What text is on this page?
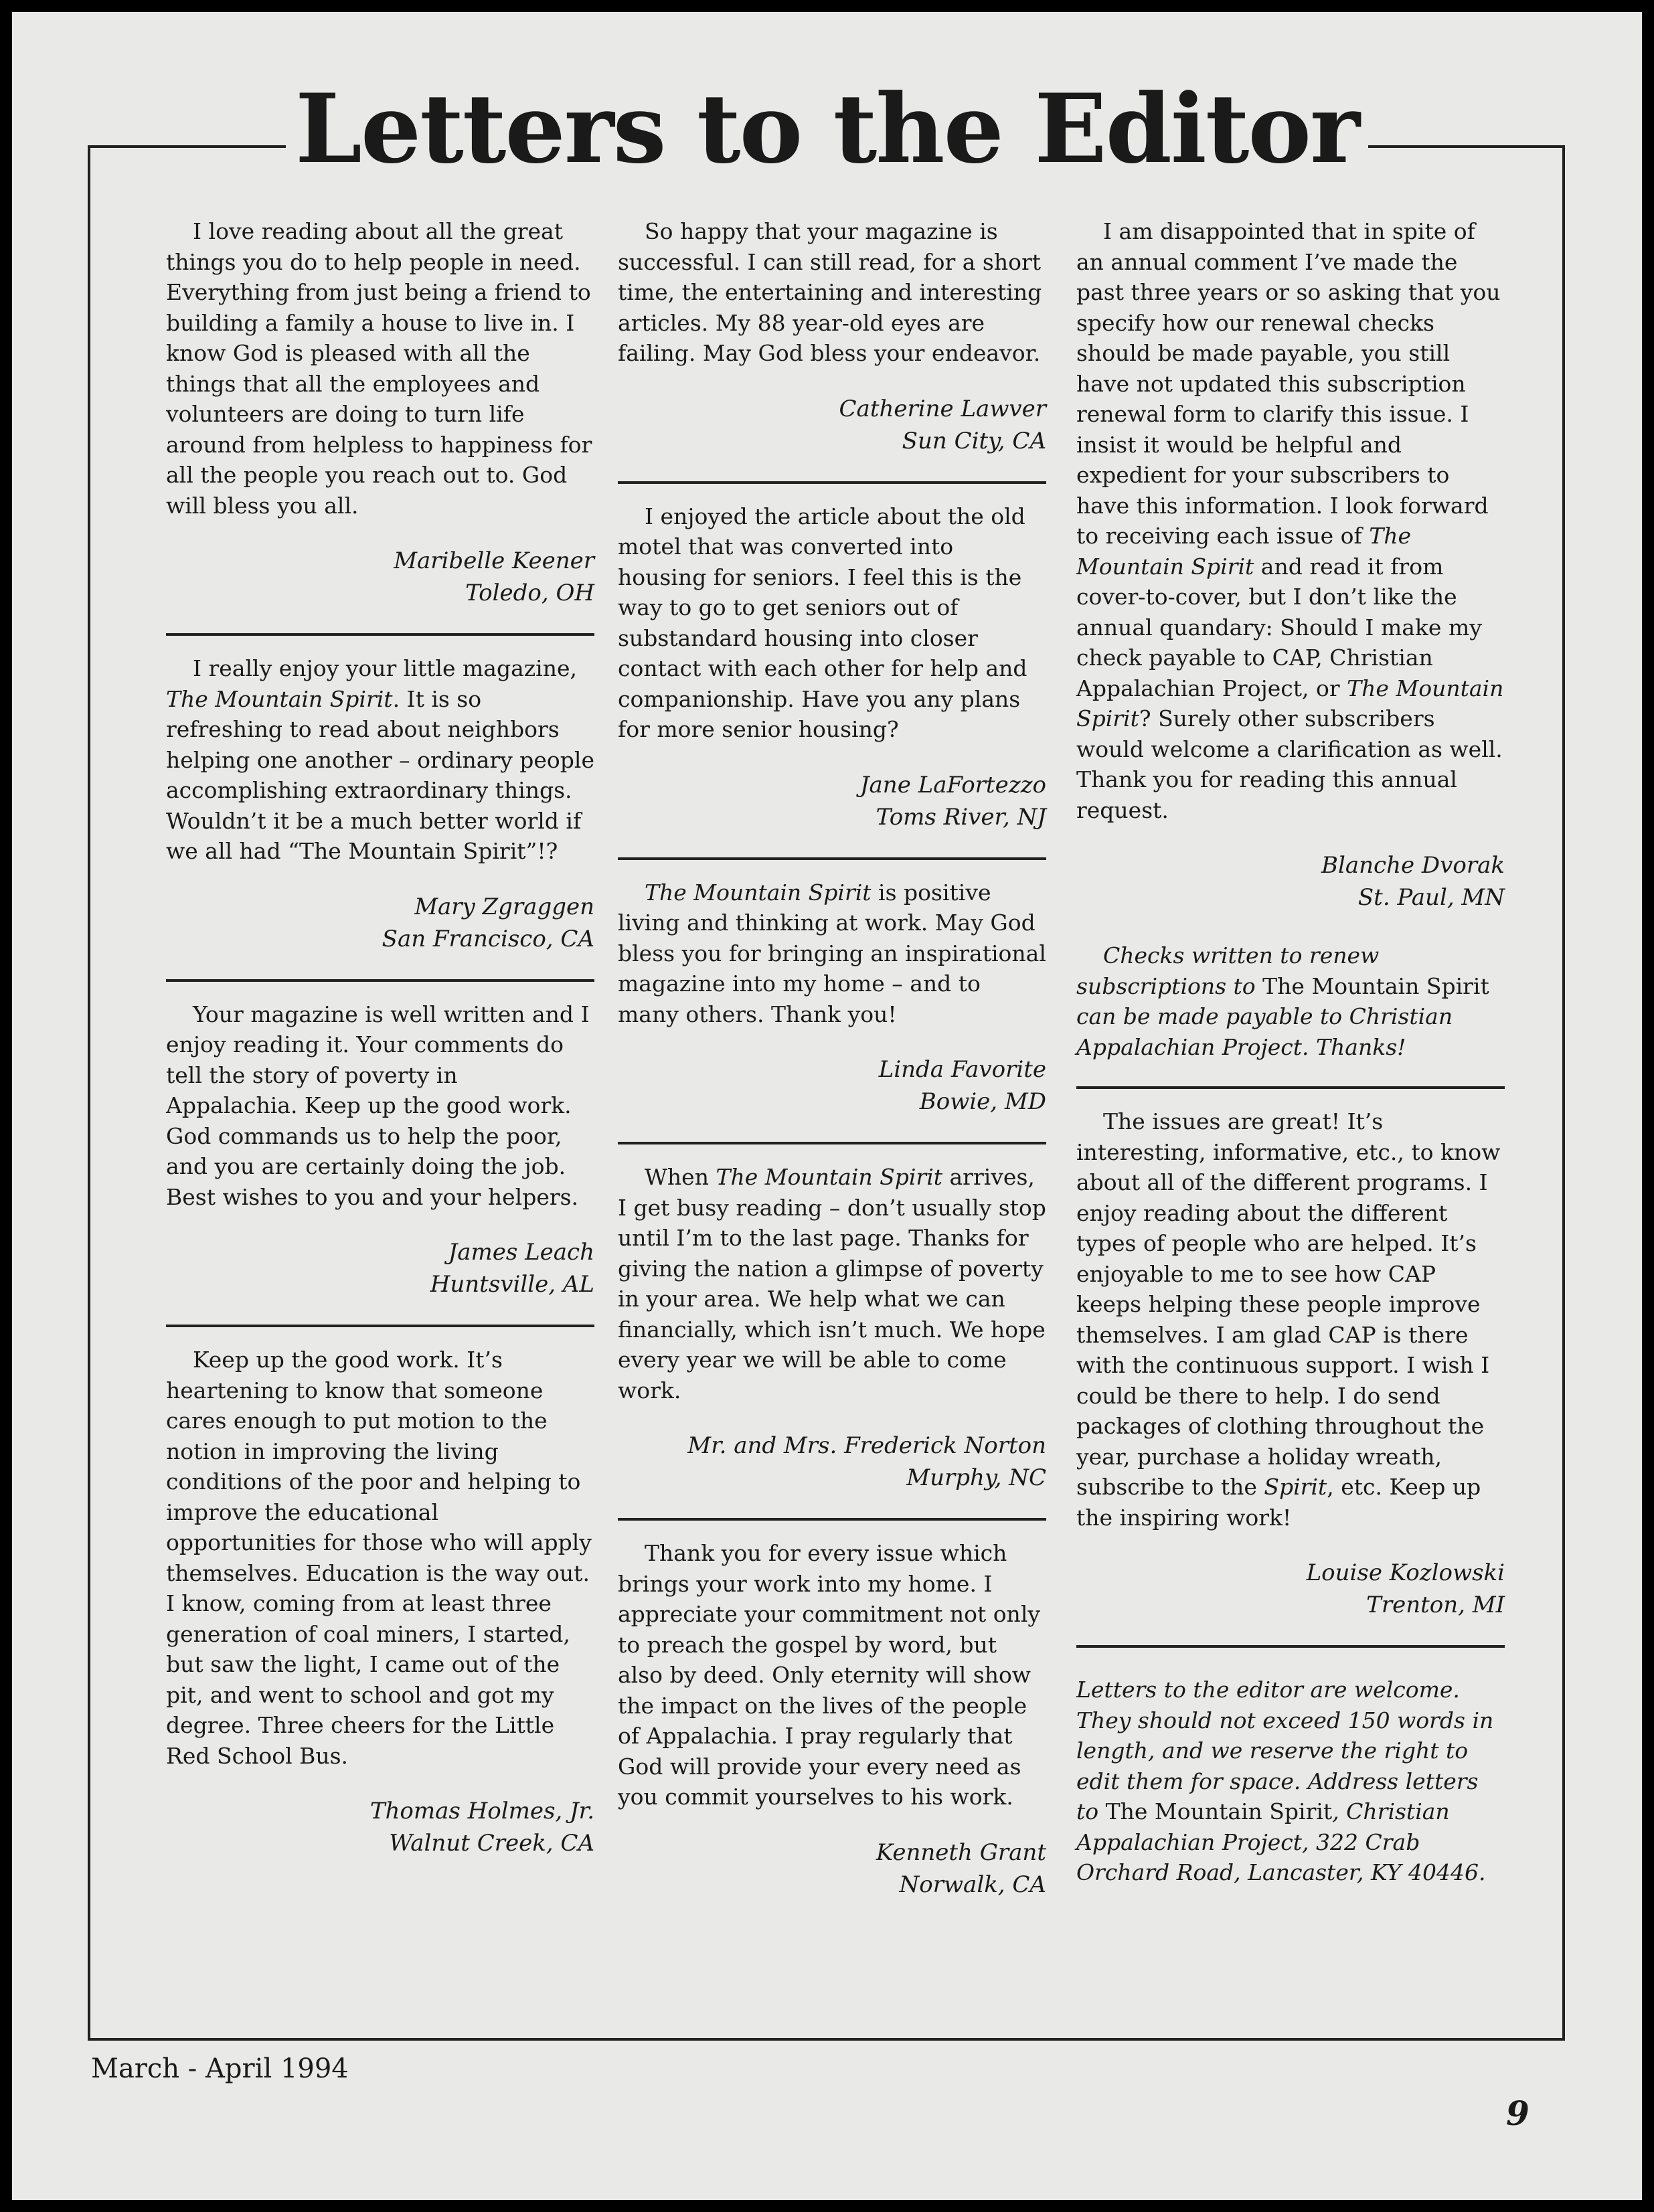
Letters to the Editor

I love reading about all the great things you do to help people in need. Everything from just being a friend to building a family a house to live in. I know God is pleased with all the things that all the employees and volunteers are doing to turn life around from helpless to happiness for all the people you reach out to. God will bless you all.

Maribelle Keener
Toledo, OH

I really enjoy your little magazine, The Mountain Spirit. It is so refreshing to read about neighbors helping one another – ordinary people accomplishing extraordinary things. Wouldn’t it be a much better world if we all had “The Mountain Spirit”!?

Mary Zgraggen
San Francisco, CA

Your magazine is well written and I enjoy reading it. Your comments do tell the story of poverty in Appalachia. Keep up the good work. God commands us to help the poor, and you are certainly doing the job. Best wishes to you and your helpers.

James Leach
Huntsville, AL

Keep up the good work. It’s heartening to know that someone cares enough to put motion to the notion in improving the living conditions of the poor and helping to improve the educational opportunities for those who will apply themselves. Education is the way out. I know, coming from at least three generation of coal miners, I started, but saw the light, I came out of the pit, and went to school and got my degree. Three cheers for the Little Red School Bus.

Thomas Holmes, Jr.
Walnut Creek, CA

So happy that your magazine is successful. I can still read, for a short time, the entertaining and interesting articles. My 88 year-old eyes are failing. May God bless your endeavor.

Catherine Lawver
Sun City, CA

I enjoyed the article about the old motel that was converted into housing for seniors. I feel this is the way to go to get seniors out of substandard housing into closer contact with each other for help and companionship. Have you any plans for more senior housing?

Jane LaFortezzo
Toms River, NJ

The Mountain Spirit is positive living and thinking at work. May God bless you for bringing an inspirational magazine into my home – and to many others. Thank you!

Linda Favorite
Bowie, MD

When The Mountain Spirit arrives, I get busy reading – don’t usually stop until I’m to the last page. Thanks for giving the nation a glimpse of poverty in your area. We help what we can financially, which isn’t much. We hope every year we will be able to come work.

Mr. and Mrs. Frederick Norton
Murphy, NC

Thank you for every issue which brings your work into my home. I appreciate your commitment not only to preach the gospel by word, but also by deed. Only eternity will show the impact on the lives of the people of Appalachia. I pray regularly that God will provide your every need as you commit yourselves to his work.

Kenneth Grant
Norwalk, CA

I am disappointed that in spite of an annual comment I’ve made the past three years or so asking that you specify how our renewal checks should be made payable, you still have not updated this subscription renewal form to clarify this issue. I insist it would be helpful and expedient for your subscribers to have this information. I look forward to receiving each issue of The Mountain Spirit and read it from cover-to-cover, but I don’t like the annual quandary: Should I make my check payable to CAP, Christian Appalachian Project, or The Mountain Spirit? Surely other subscribers would welcome a clarification as well. Thank you for reading this annual request.

Blanche Dvorak
St. Paul, MN

Checks written to renew subscriptions to The Mountain Spirit can be made payable to Christian Appalachian Project. Thanks!

The issues are great! It’s interesting, informative, etc., to know about all of the different programs. I enjoy reading about the different types of people who are helped. It’s enjoyable to me to see how CAP keeps helping these people improve themselves. I am glad CAP is there with the continuous support. I wish I could be there to help. I do send packages of clothing throughout the year, purchase a holiday wreath, subscribe to the Spirit, etc. Keep up the inspiring work!

Louise Kozlowski
Trenton, MI

Letters to the editor are welcome. They should not exceed 150 words in length, and we reserve the right to edit them for space. Address letters to The Mountain Spirit, Christian Appalachian Project, 322 Crab Orchard Road, Lancaster, KY 40446.

March - April 1994
9
